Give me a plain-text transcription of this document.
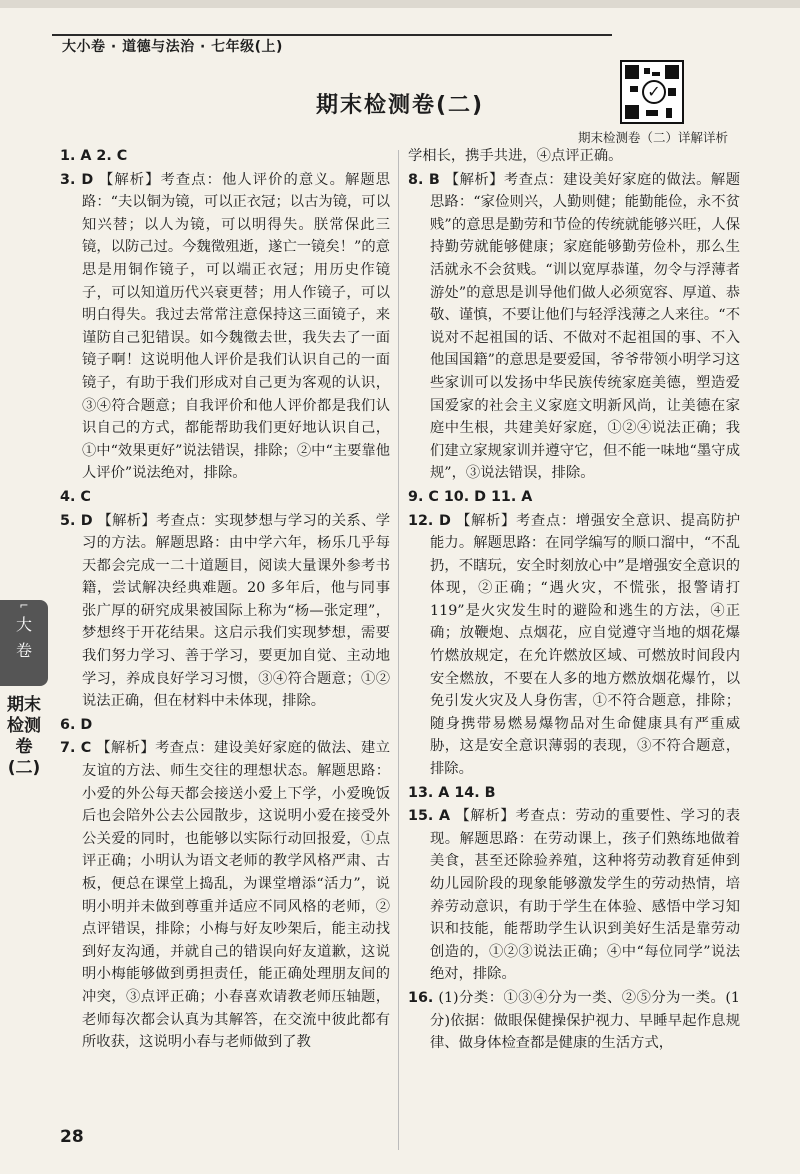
大小卷 · 道德与法治 · 七年级(上)
期末检测卷(二)
✓
期末检测卷（二）详解详析
⌐
大
卷
期末检测卷(二)

1. A 2. C

3. D 【解析】考查点：他人评价的意义。解题思路：“夫以铜为镜，可以正衣冠；以古为镜，可以知兴替；以人为镜，可以明得失。朕常保此三镜，以防己过。今魏徵殂逝，遂亡一镜矣！”的意思是用铜作镜子，可以端正衣冠；用历史作镜子，可以知道历代兴衰更替；用人作镜子，可以明白得失。我过去常常注意保持这三面镜子，来谨防自己犯错误。如今魏徵去世，我失去了一面镜子啊！这说明他人评价是我们认识自己的一面镜子，有助于我们形成对自己更为客观的认识，③④符合题意；自我评价和他人评价都是我们认识自己的方式，都能帮助我们更好地认识自己，①中“效果更好”说法错误，排除；②中“主要靠他人评价”说法绝对，排除。

4. C

5. D 【解析】考查点：实现梦想与学习的关系、学习的方法。解题思路：由中学六年，杨乐几乎每天都会完成一二十道题目，阅读大量课外参考书籍，尝试解决经典难题。20 多年后，他与同事张广厚的研究成果被国际上称为“杨—张定理”，梦想终于开花结果。这启示我们实现梦想，需要我们努力学习、善于学习，要更加自觉、主动地学习，养成良好学习习惯，③④符合题意；①②说法正确，但在材料中未体现，排除。

6. D

7. C 【解析】考查点：建设美好家庭的做法、建立友谊的方法、师生交往的理想状态。解题思路：小爱的外公每天都会接送小爱上下学，小爱晚饭后也会陪外公去公园散步，这说明小爱在接受外公关爱的同时，也能够以实际行动回报爱，①点评正确；小明认为语文老师的教学风格严肃、古板，便总在课堂上捣乱，为课堂增添“活力”，说明小明并未做到尊重并适应不同风格的老师，②点评错误，排除；小梅与好友吵架后，能主动找到好友沟通，并就自己的错误向好友道歉，这说明小梅能够做到勇担责任，能正确处理朋友间的冲突，③点评正确；小春喜欢请教老师压轴题，老师每次都会认真为其解答，在交流中彼此都有所收获，这说明小春与老师做到了教

学相长，携手共进，④点评正确。

8. B 【解析】考查点：建设美好家庭的做法。解题思路：“家俭则兴，人勤则健；能勤能俭，永不贫贱”的意思是勤劳和节俭的传统就能够兴旺，人保持勤劳就能够健康；家庭能够勤劳俭朴，那么生活就永不会贫贱。“训以宽厚恭谨，勿令与浮薄者游处”的意思是训导他们做人必须宽容、厚道、恭敬、谨慎，不要让他们与轻浮浅薄之人来往。“不说对不起祖国的话、不做对不起祖国的事、不入他国国籍”的意思是要爱国，爷爷带领小明学习这些家训可以发扬中华民族传统家庭美德，塑造爱国爱家的社会主义家庭文明新风尚，让美德在家庭中生根，共建美好家庭，①②④说法正确；我们建立家规家训并遵守它，但不能一味地“墨守成规”，③说法错误，排除。

9. C 10. D 11. A

12. D 【解析】考查点：增强安全意识、提高防护能力。解题思路：在同学编写的顺口溜中，“不乱扔，不瞎玩，安全时刻放心中”是增强安全意识的体现，②正确；“遇火灾，不慌张，报警请打 119”是火灾发生时的避险和逃生的方法，④正确；放鞭炮、点烟花，应自觉遵守当地的烟花爆竹燃放规定，在允许燃放区域、可燃放时间段内安全燃放，不要在人多的地方燃放烟花爆竹，以免引发火灾及人身伤害，①不符合题意，排除；随身携带易燃易爆物品对生命健康具有严重威胁，这是安全意识薄弱的表现，③不符合题意，排除。

13. A 14. B

15. A 【解析】考查点：劳动的重要性、学习的表现。解题思路：在劳动课上，孩子们熟练地做着美食，甚至还除验养殖，这种将劳动教育延伸到幼儿园阶段的现象能够激发学生的劳动热情，培养劳动意识，有助于学生在体验、感悟中学习知识和技能，能帮助学生认识到美好生活是靠劳动创造的，①②③说法正确；④中“每位同学”说法绝对，排除。

16. (1)分类：①③④分为一类、②⑤分为一类。(1分)依据：做眼保健操保护视力、早睡早起作息规律、做身体检查都是健康的生活方式，

28
